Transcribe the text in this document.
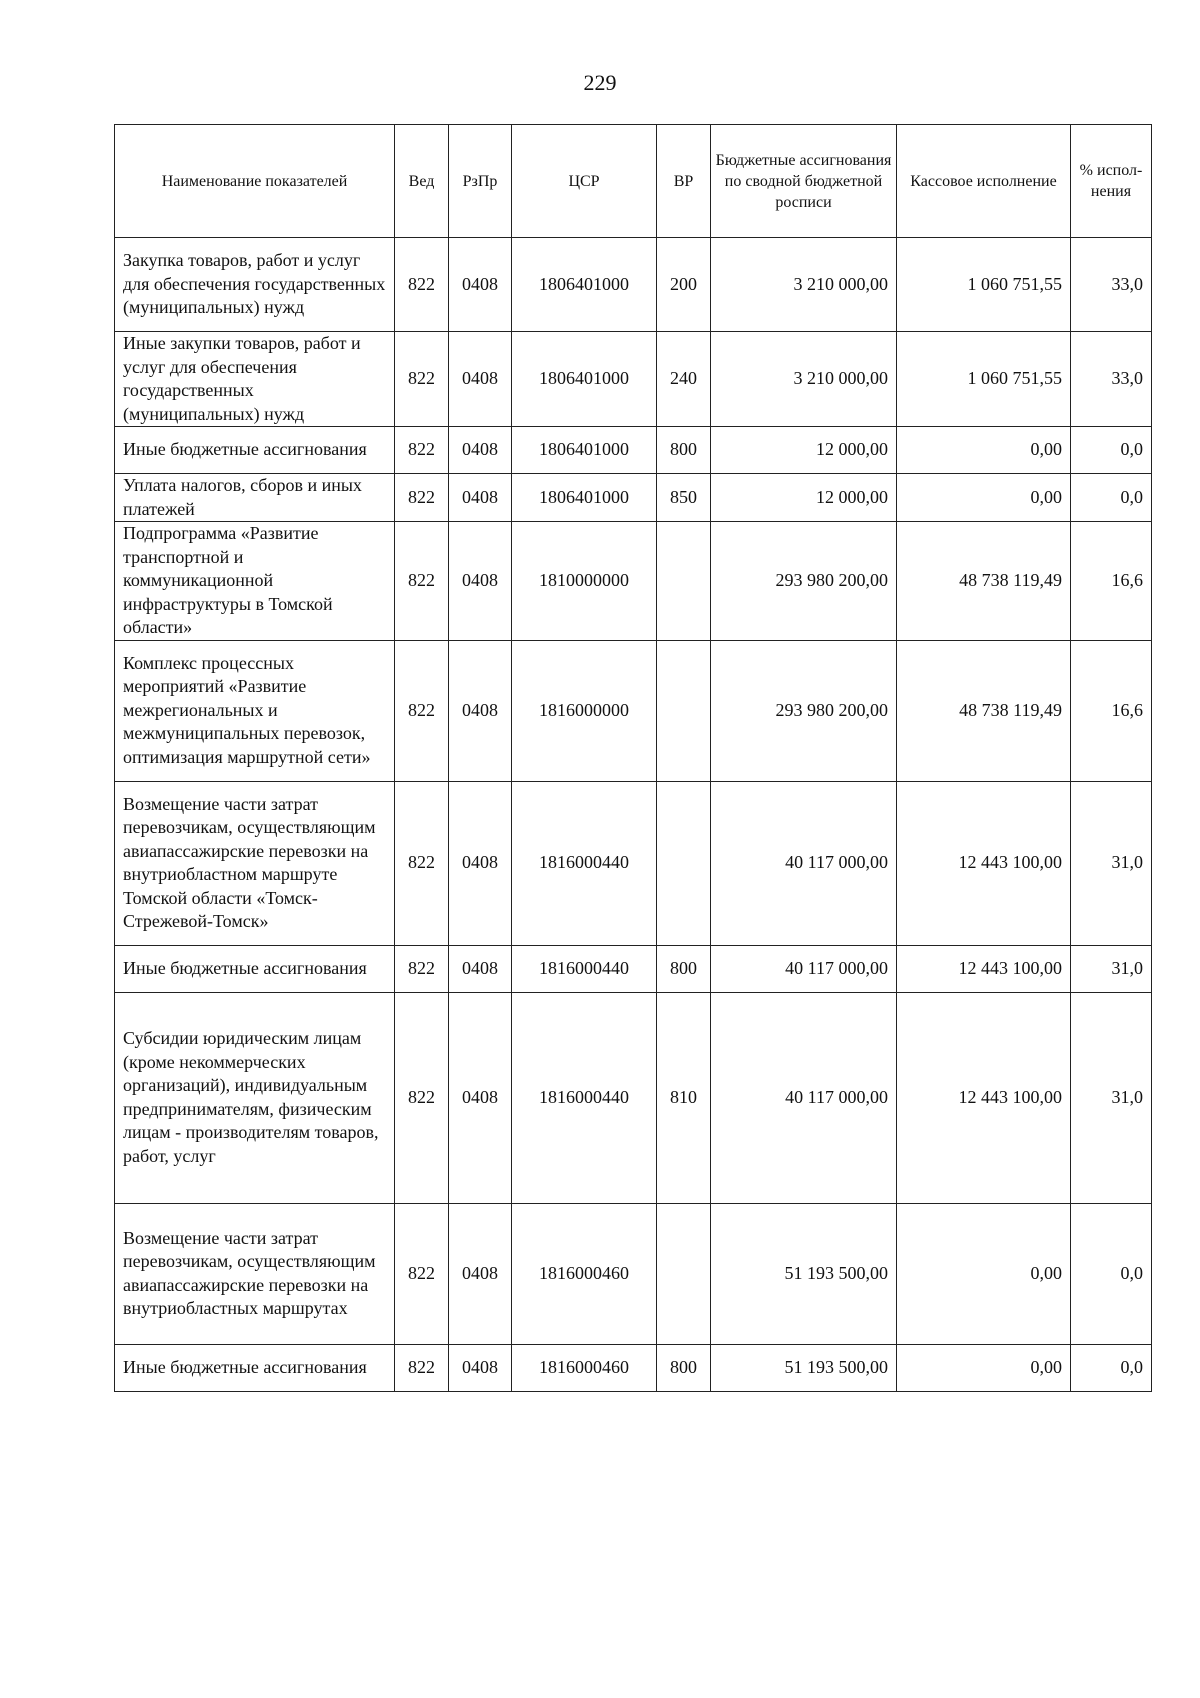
229
Наименование показателей	Вед	РзПр	ЦСР	ВР	Бюджетные ассигнования по сводной бюджетной росписи	Кассовое исполнение	% испол-нения
Закупка товаров, работ и услуг для обеспечения государственных (муниципальных) нужд	822	0408	1806401000	200	3 210 000,00	1 060 751,55	33,0
Иные закупки товаров, работ и услуг для обеспечения государственных (муниципальных) нужд	822	0408	1806401000	240	3 210 000,00	1 060 751,55	33,0
Иные бюджетные ассигнования	822	0408	1806401000	800	12 000,00	0,00	0,0
Уплата налогов, сборов и иных платежей	822	0408	1806401000	850	12 000,00	0,00	0,0
Подпрограмма «Развитие транспортной и коммуникационной инфраструктуры в Томской области»	822	0408	1810000000		293 980 200,00	48 738 119,49	16,6
Комплекс процессных мероприятий «Развитие межрегиональных и межмуниципальных перевозок, оптимизация маршрутной сети»	822	0408	1816000000		293 980 200,00	48 738 119,49	16,6
Возмещение части затрат перевозчикам, осуществляющим авиапассажирские перевозки на внутриобластном маршруте Томской области «Томск-Стрежевой-Томск»	822	0408	1816000440		40 117 000,00	12 443 100,00	31,0
Иные бюджетные ассигнования	822	0408	1816000440	800	40 117 000,00	12 443 100,00	31,0
Субсидии юридическим лицам (кроме некоммерческих организаций), индивидуальным предпринимателям, физическим лицам - производителям товаров, работ, услуг	822	0408	1816000440	810	40 117 000,00	12 443 100,00	31,0
Возмещение части затрат перевозчикам, осуществляющим авиапассажирские перевозки на внутриобластных маршрутах	822	0408	1816000460		51 193 500,00	0,00	0,0
Иные бюджетные ассигнования	822	0408	1816000460	800	51 193 500,00	0,00	0,0
